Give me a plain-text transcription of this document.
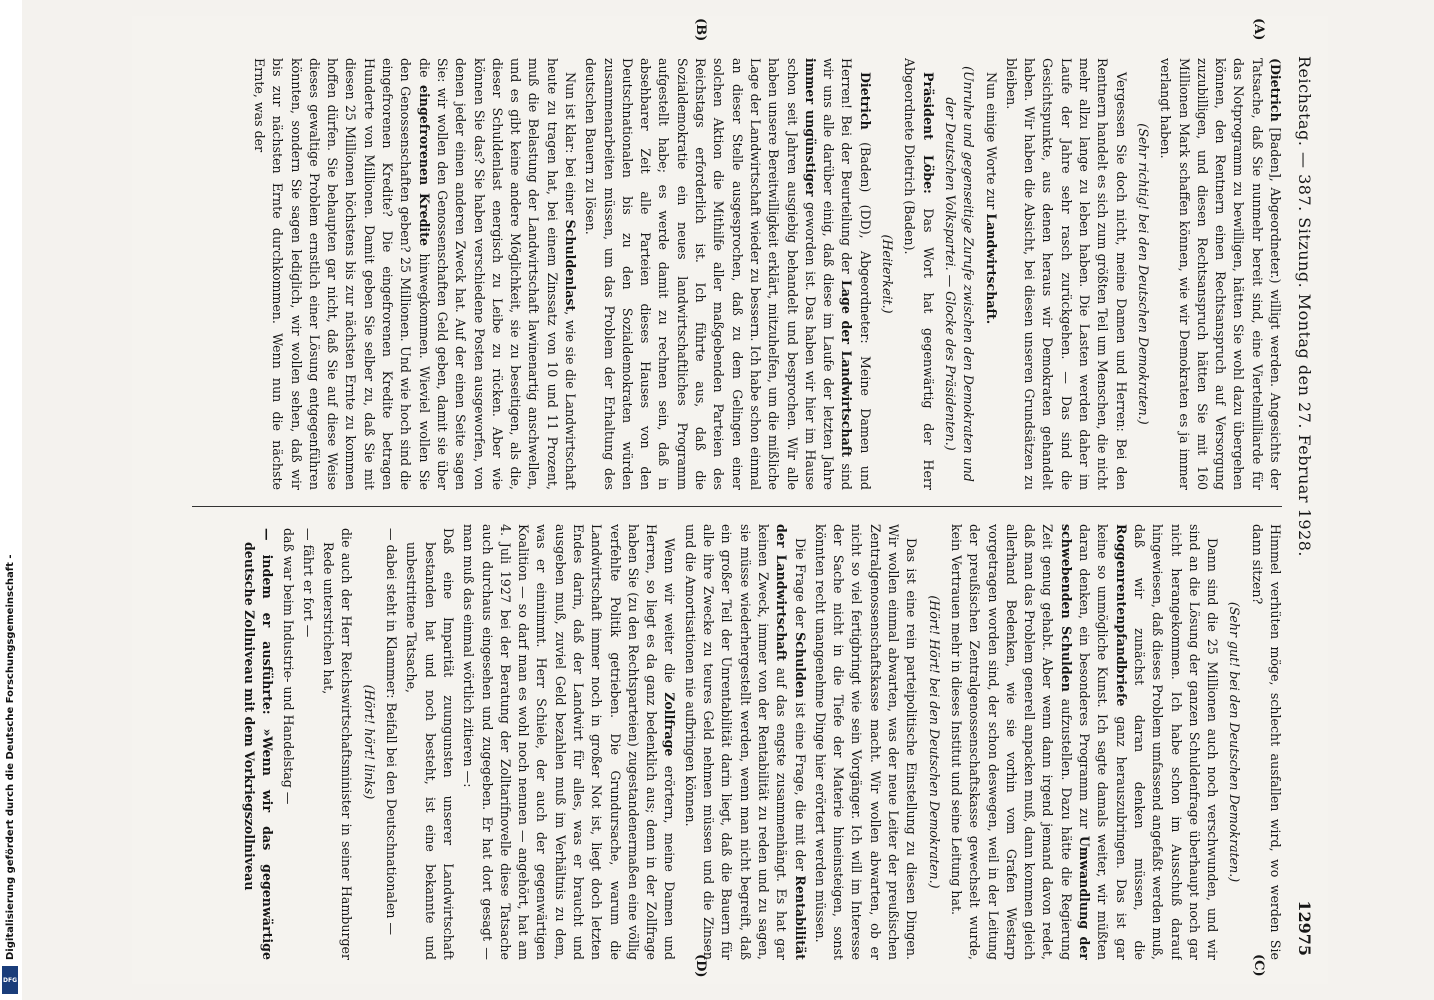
Digitalisierung gefördert durch die Deutsche Forschungsgemeinschaft -
DFG
Reichstag. — 387. Sitzung. Montag den 27. Februar 1928.
12975
(A)
(B)
(C)
(D)

(Dietrich [Baden], Abgeordneter.) willigt werden. Angesichts der Tatsache, daß Sie nunmehr bereit sind, eine Viertelmilliarde für das Notprogramm zu bewilligen, hätten Sie wohl dazu übergehen können, den Rentnern einen Rechtsanspruch auf Versorgung zuzubilligen, und diesen Rechtsanspruch hätten Sie mit 160 Millionen Mark schaffen können, wie wir Demokraten es ja immer verlangt haben.

(Sehr richtig! bei den Deutschen Demokraten.)

Vergessen Sie doch nicht, meine Damen und Herren: Bei den Rentnern handelt es sich zum größten Teil um Menschen, die nicht mehr allzu lange zu leben haben. Die Lasten werden daher im Laufe der Jahre sehr rasch zurückgehen. — Das sind die Gesichtspunkte, aus denen heraus wir Demokraten gehandelt haben. Wir haben die Absicht, bei diesen unseren Grundsätzen zu bleiben.

Nun einige Worte zur Landwirtschaft.

(Unruhe und gegenseitige Zurufe zwischen den Demokraten und der Deutschen Volkspartei. — Glocke des Präsidenten.)

Präsident Löbe: Das Wort hat gegenwärtig der Herr Abgeordnete Dietrich (Baden).

(Heiterkeit.)

Dietrich (Baden) (DD), Abgeordneter: Meine Damen und Herren! Bei der Beurteilung der Lage der Landwirtschaft sind wir uns alle darüber einig, daß diese im Laufe der letzten Jahre immer ungünstiger geworden ist. Das haben wir hier im Hause schon seit Jahren ausgiebig behandelt und besprochen. Wir alle haben unsere Bereitwilligkeit erklärt, mitzuhelfen, um die mißliche Lage der Landwirtschaft wieder zu bessern. Ich habe schon einmal an dieser Stelle ausgesprochen, daß zu dem Gelingen einer solchen Aktion die Mithilfe aller maßgebenden Parteien des Reichstags erforderlich ist. Ich führte aus, daß die Sozialdemokratie ein neues landwirtschaftliches Programm aufgestellt habe; es werde damit zu rechnen sein, daß in absehbarer Zeit alle Parteien dieses Hauses von den Deutschnationalen bis zu den Sozialdemokraten würden zusammenarbeiten müssen, um das Problem der Erhaltung des deutschen Bauern zu lösen.

Nun ist klar: bei einer Schuldenlast, wie sie die Landwirtschaft heute zu tragen hat, bei einem Zinssatz von 10 und 11 Prozent, muß die Belastung der Landwirtschaft lawinenartig anschwellen, und es gibt keine andere Möglichkeit, sie zu beseitigen, als die, dieser Schuldenlast energisch zu Leibe zu rücken. Aber wie können Sie das? Sie haben verschiedene Posten ausgeworfen, von denen jeder einen anderen Zweck hat. Auf der einen Seite sagen Sie: wir wollen den Genossenschaften Geld geben, damit sie über die eingefrorenen Kredite hinwegkommen. Wieviel wollen Sie den Genossenschaften geben? 25 Millionen. Und wie hoch sind die eingefrorenen Kredite? Die eingefrorenen Kredite betragen Hunderte von Millionen. Damit geben Sie selber zu, daß Sie mit diesen 25 Millionen höchstens bis zur nächsten Ernte zu kommen hoffen dürfen. Sie behaupten gar nicht, daß Sie auf diese Weise dieses gewaltige Problem ernstlich einer Lösung entgegenführen könnten, sondern Sie sagen lediglich, wir wollen sehen, daß wir bis zur nächsten Ernte durchkommen. Wenn nun die nächste Ernte, was der

Himmel verhüten möge, schlecht ausfallen wird, wo werden Sie dann sitzen?

(Sehr gut! bei den Deutschen Demokraten.)

Dann sind die 25 Millionen auch noch verschwunden, und wir sind an die Lösung der ganzen Schuldenfrage überhaupt noch gar nicht herangekommen. Ich habe schon im Ausschuß darauf hingewiesen, daß dieses Problem umfassend angefaßt werden muß, daß wir zunächst daran denken müssen, die Roggenrentenpfandbriefe ganz herauszubringen. Das ist gar keine so unmögliche Kunst. Ich sagte damals weiter, wir müßten daran denken, ein besonderes Programm zur Umwandlung der schwebenden Schulden aufzustellen. Dazu hätte die Regierung Zeit genug gehabt. Aber wenn dann irgend jemand davon redet, daß man das Problem generell anpacken muß, dann kommen gleich allerhand Bedenken, wie sie vorhin vom Grafen Westarp vorgetragen worden sind, der schon deswegen, weil in der Leitung der preußischen Zentralgenossenschaftskasse gewechselt wurde, kein Vertrauen mehr in dieses Institut und seine Leitung hat.

(Hört! Hört! bei den Deutschen Demokraten.)

Das ist eine rein parteipolitische Einstellung zu diesen Dingen. Wir wollen einmal abwarten, was der neue Leiter der preußischen Zentralgenossenschaftskasse macht. Wir wollen abwarten, ob er nicht so viel fertigbringt wie sein Vorgänger. Ich will im Interesse der Sache nicht in die Tiefe der Materie hineinsteigen, sonst könnten recht unangenehme Dinge hier erörtert werden müssen.

Die Frage der Schulden ist eine Frage, die mit der Rentabilität der Landwirtschaft auf das engste zusammenhängt. Es hat gar keinen Zweck, immer von der Rentabilität zu reden und zu sagen, sie müsse wiederhergestellt werden, wenn man nicht begreift, daß ein großer Teil der Unrentabilität darin liegt, daß die Bauern für alle ihre Zwecke zu teures Geld nehmen müssen und die Zinsen und die Amortisationen nie aufbringen können.

Wenn wir weiter die Zollfrage erörtern, meine Damen und Herren, so liegt es da ganz bedenklich aus; denn in der Zollfrage haben Sie (zu den Rechtsparteien) zugestandenermaßen eine völlig verfehlte Politik getrieben. Die Grundursache, warum die Landwirtschaft immer noch in großer Not ist, liegt doch letzten Endes darin, daß der Landwirt für alles, was er braucht und ausgeben muß, zuviel Geld bezahlen muß im Verhältnis zu dem, was er einnimmt. Herr Schiele, der auch der gegenwärtigen Koalition — so darf man es wohl noch nennen — angehört, hat am 4. Juli 1927 bei der Beratung der Zolltarifnovelle diese Tatsache auch durchaus eingesehen und zugegeben. Er hat dort gesagt — man muß das einmal wörtlich zitieren —:

Daß eine Imparität zuungunsten unserer Landwirtschaft bestanden hat und noch besteht, ist eine bekannte und unbestrittene Tatsache,

— dabei steht in Klammer: Beifall bei den Deutschnationalen —

(Hört! hört! links)

die auch der Herr Reichswirtschaftsminister in seiner Hamburger Rede unterstrichen hat,

— fährt er fort —

daß war beim Industrie- und Handelstag —

— indem er ausführte: »Wenn wir das gegenwärtige deutsche Zollniveau mit dem Vorkriegszollniveau
